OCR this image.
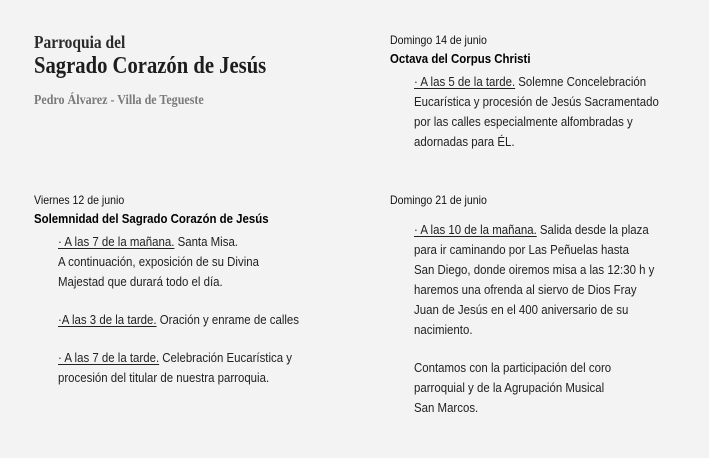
Parroquia del
Sagrado Corazón de Jesús
Pedro Álvarez - Villa de Tegueste
Viernes 12 de junio
Solemnidad del Sagrado Corazón de Jesús
· A las 7 de la mañana. Santa Misa.
A continuación, exposición de su Divina
Majestad que durará todo el día.
·A las 3 de la tarde. Oración y enrame de calles
· A las 7 de la tarde. Celebración Eucarística y
procesión del titular de nuestra parroquia.
Domingo 14 de junio
Octava del Corpus Christi
· A las 5 de la tarde. Solemne Concelebración
Eucarística y procesión de Jesús Sacramentado
por las calles especialmente alfombradas y
adornadas para ÉL.
Domingo 21 de junio
· A las 10 de la mañana. Salida desde la plaza
para ir caminando por Las Peñuelas hasta
San Diego, donde oiremos misa a las 12:30 h y
haremos una ofrenda al siervo de Dios Fray
Juan de Jesús en el 400 aniversario de su
nacimiento.
Contamos con la participación del coro
parroquial y de la Agrupación Musical
San Marcos.
